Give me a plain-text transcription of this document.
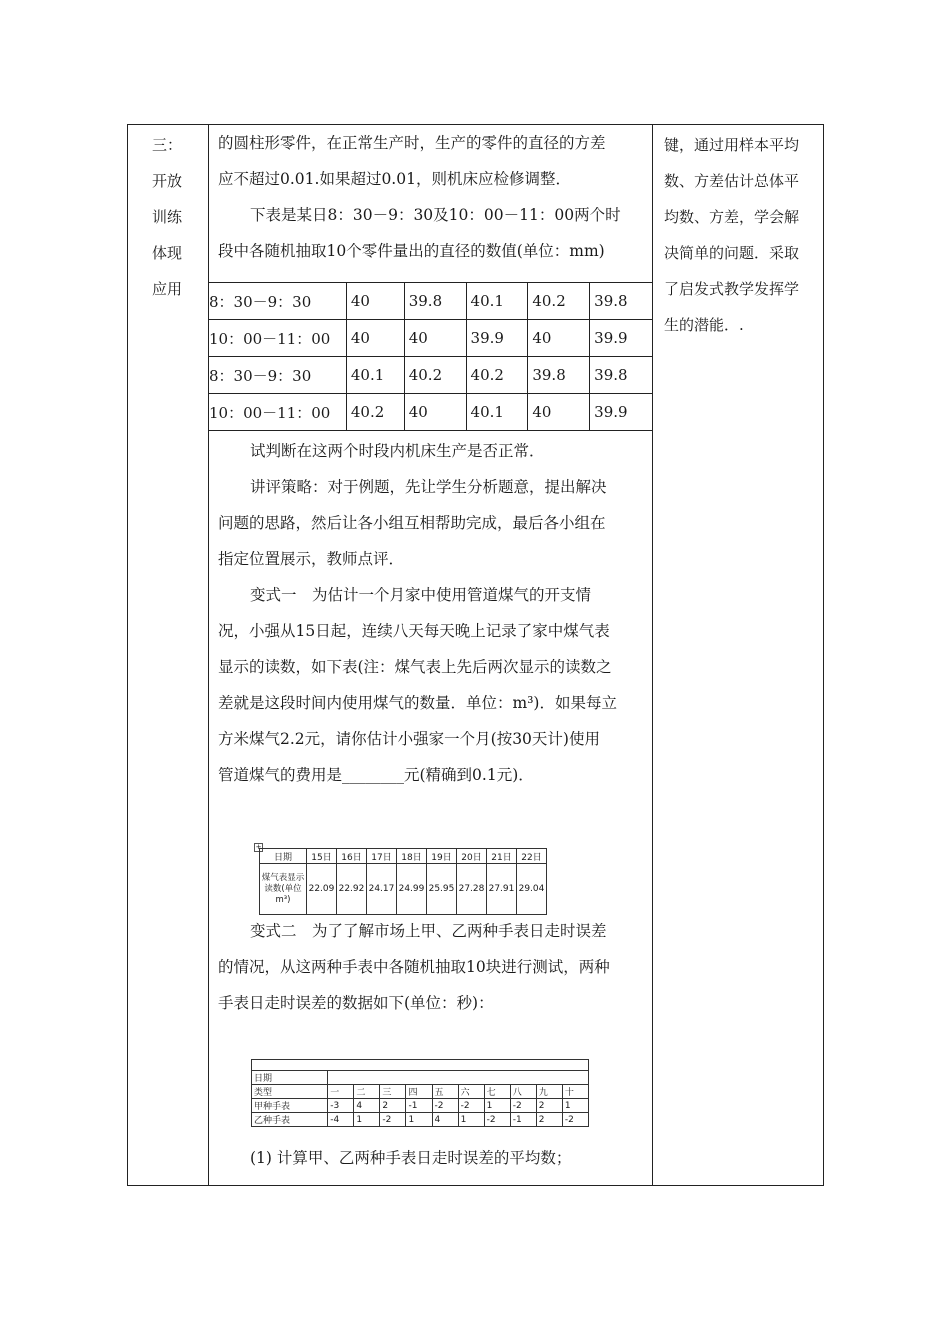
三：
开放
训练
体现
应用
的圆柱形零件，在正常生产时，生产的零件的直径的方差
应不超过0.01.如果超过0.01，则机床应检修调整．
下表是某日8：30－9：30及10：00－11：00两个时
段中各随机抽取10个零件量出的直径的数值(单位：mm)
8：30－9：30	40	39.8	40.1	40.2	39.8
10：00－11：00	40	40	39.9	40	39.9
8：30－9：30	40.1	40.2	40.2	39.8	39.8
10：00－11：00	40.2	40	40.1	40	39.9
试判断在这两个时段内机床生产是否正常．
讲评策略：对于例题，先让学生分析题意，提出解决
问题的思路，然后让各小组互相帮助完成，最后各小组在
指定位置展示，教师点评．
变式一　为估计一个月家中使用管道煤气的开支情
况，小强从15日起，连续八天每天晚上记录了家中煤气表
显示的读数，如下表(注：煤气表上先后两次显示的读数之
差就是这段时间内使用煤气的数量．单位：m³)．如果每立
方米煤气2.2元，请你估计小强家一个月(按30天计)使用
管道煤气的费用是________元(精确到0.1元)．
+
日期	15日	16日	17日	18日	19日	20日	21日	22日
煤气表显示读数(单位m³)	22.09	22.92	24.17	24.99	25.95	27.28	27.91	29.04
变式二　为了了解市场上甲、乙两种手表日走时误差
的情况，从这两种手表中各随机抽取10块进行测试，两种
手表日走时误差的数据如下(单位：秒)：

日期										
类型	一	二	三	四	五	六	七	八	九	十
甲种手表	-3	4	2	-1	-2	-2	1	-2	2	1
乙种手表	-4	1	-2	1	4	1	-2	-1	2	-2
(1) 计算甲、乙两种手表日走时误差的平均数；
键，通过用样本平均
数、方差估计总体平
均数、方差，学会解
决简单的问题．采取
了启发式教学发挥学
生的潜能．.
